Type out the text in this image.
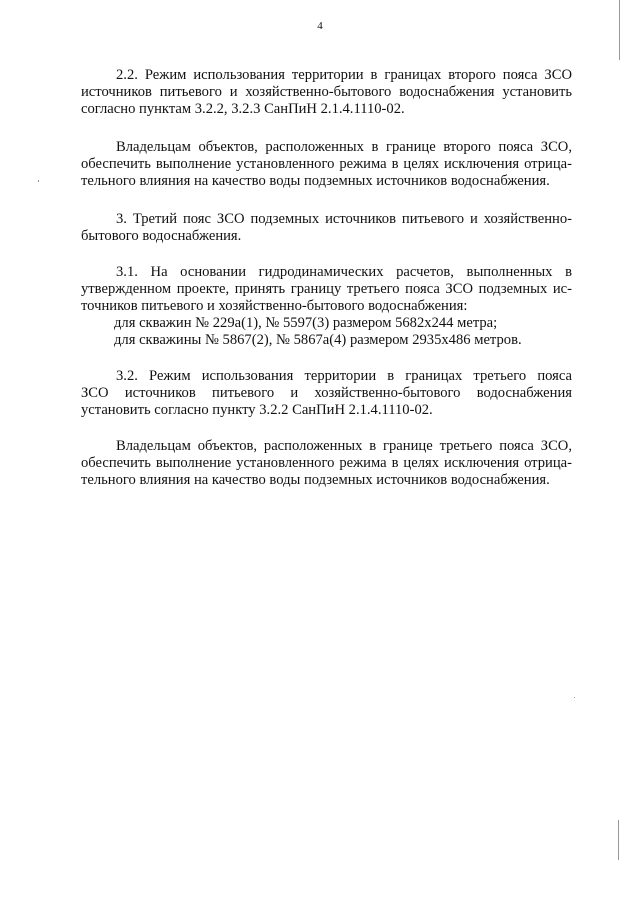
4
2.2. Режим использования территории в границах второго пояса ЗСО
источников питьевого и хозяйственно-бытового водоснабжения установить
согласно пунктам 3.2.2, 3.2.3 СанПиН 2.1.4.1110-02.
Владельцам объектов, расположенных в границе второго пояса ЗСО,
обеспечить выполнение установленного режима в целях исключения отрица-
тельного влияния на качество воды подземных источников водоснабжения.
3. Третий пояс ЗСО подземных источников питьевого и хозяйственно-
бытового водоснабжения.
3.1. На основании гидродинамических расчетов, выполненных в
утвержденном проекте, принять границу третьего пояса ЗСО подземных ис-
точников питьевого и хозяйственно-бытового водоснабжения:
для скважин № 229а(1), № 5597(3) размером 5682х244 метра;
для скважины № 5867(2), № 5867а(4) размером 2935х486 метров.
3.2. Режим использования территории в границах третьего пояса
ЗСО источников питьевого и хозяйственно-бытового водоснабжения
установить согласно пункту 3.2.2 СанПиН 2.1.4.1110-02.
Владельцам объектов, расположенных в границе третьего пояса ЗСО,
обеспечить выполнение установленного режима в целях исключения отрица-
тельного влияния на качество воды подземных источников водоснабжения.
